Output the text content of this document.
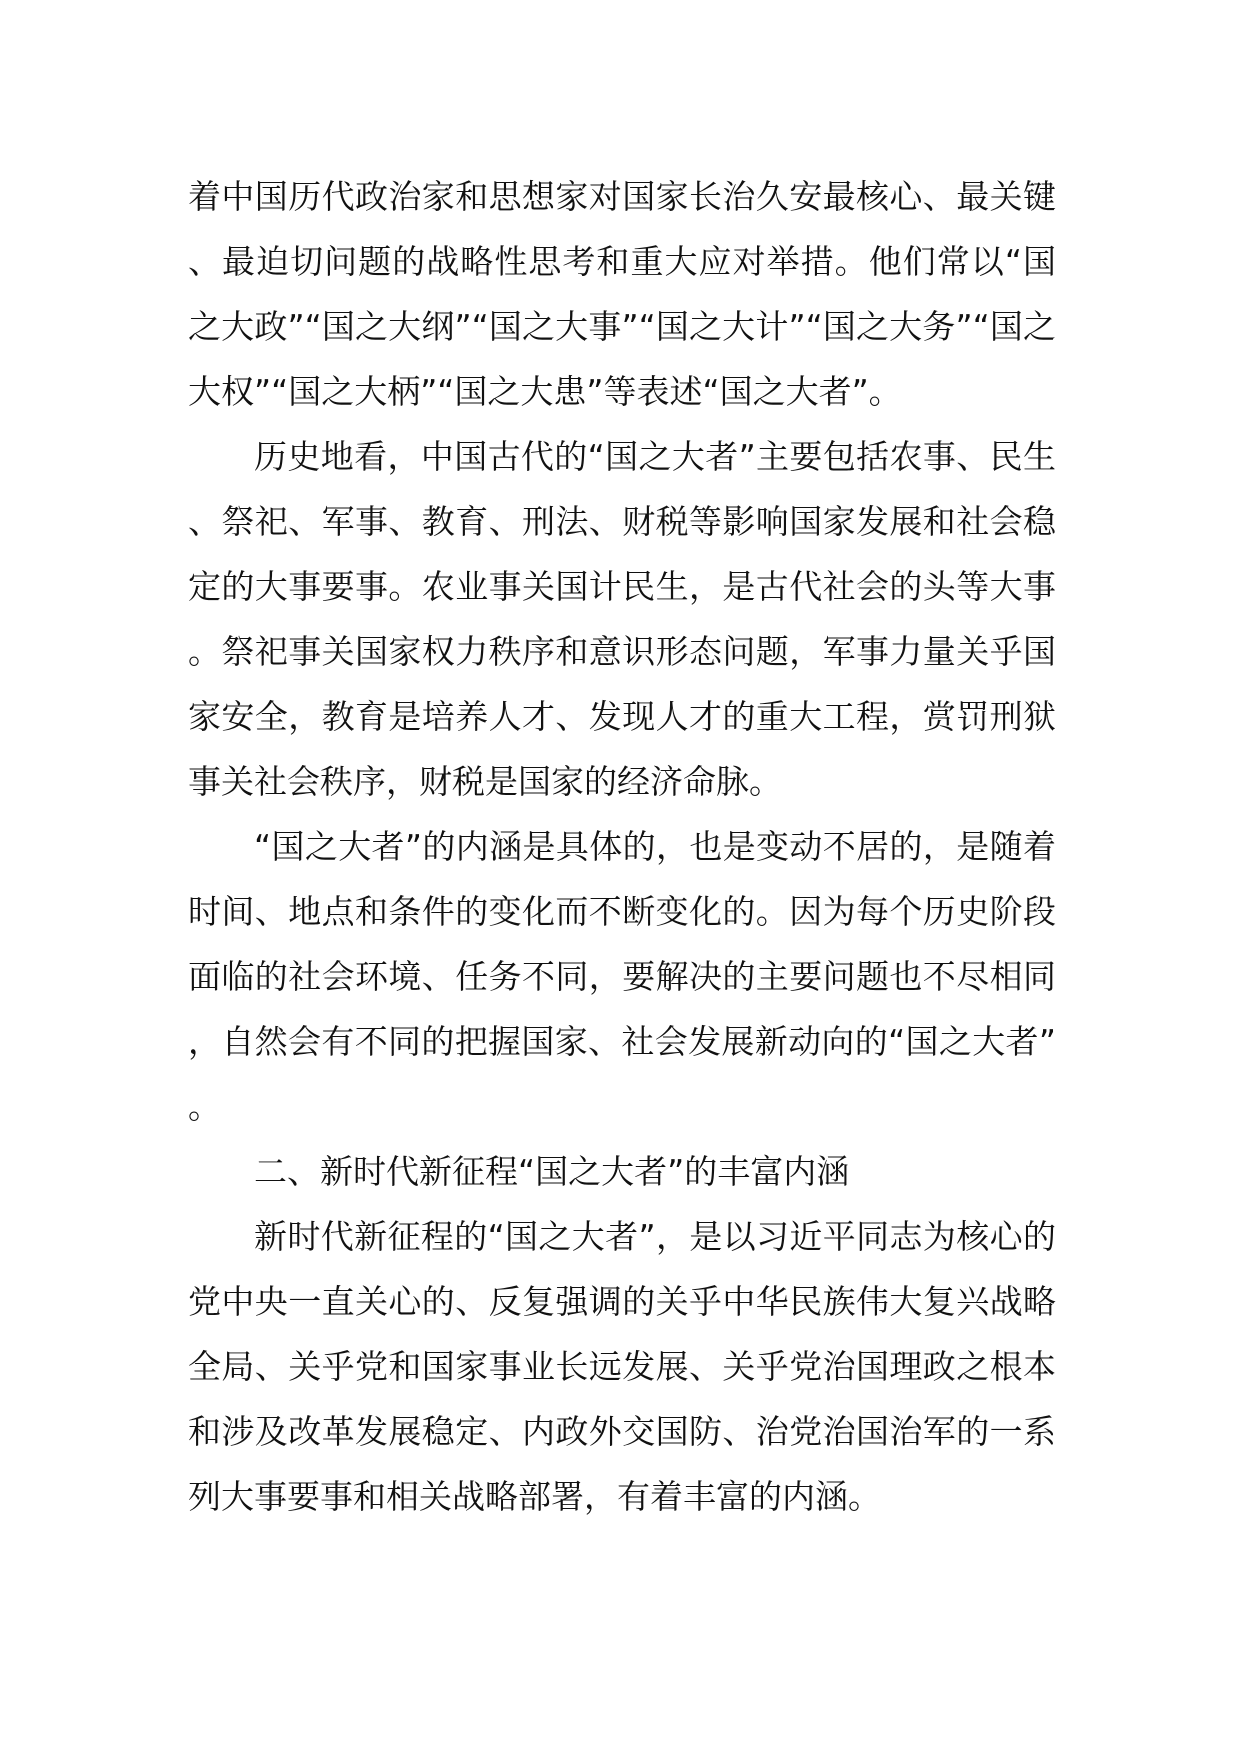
着中国历代政治家和思想家对国家长治久安最核心、最关键、最迫切问题的战略性思考和重大应对举措。他们常以“国之大政”“国之大纲”“国之大事”“国之大计”“国之大务”“国之大权”“国之大柄”“国之大患”等表述“国之大者”。

历史地看，中国古代的“国之大者”主要包括农事、民生、祭祀、军事、教育、刑法、财税等影响国家发展和社会稳定的大事要事。农业事关国计民生，是古代社会的头等大事。祭祀事关国家权力秩序和意识形态问题，军事力量关乎国家安全，教育是培养人才、发现人才的重大工程，赏罚刑狱事关社会秩序，财税是国家的经济命脉。

“国之大者”的内涵是具体的，也是变动不居的，是随着时间、地点和条件的变化而不断变化的。因为每个历史阶段面临的社会环境、任务不同，要解决的主要问题也不尽相同，自然会有不同的把握国家、社会发展新动向的“国之大者”。

二、新时代新征程“国之大者”的丰富内涵

新时代新征程的“国之大者”，是以习近平同志为核心的党中央一直关心的、反复强调的关乎中华民族伟大复兴战略全局、关乎党和国家事业长远发展、关乎党治国理政之根本和涉及改革发展稳定、内政外交国防、治党治国治军的一系列大事要事和相关战略部署，有着丰富的内涵。
